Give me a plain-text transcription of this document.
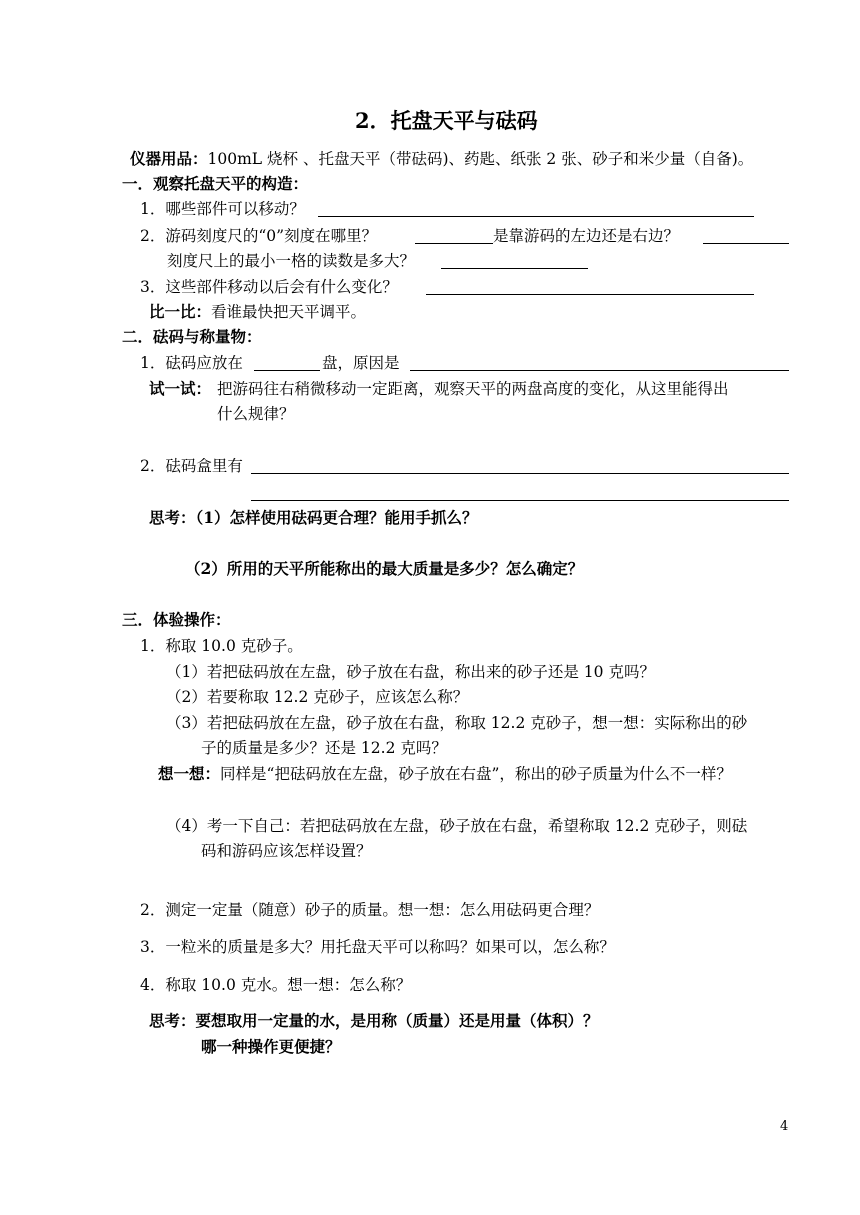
2．托盘天平与砝码
仪器用品：100mL 烧杯 、托盘天平（带砝码)、药匙、纸张 2 张、砂子和米少量（自备)。
一．观察托盘天平的构造：
1．哪些部件可以移动？
2．游码刻度尺的“0”刻度在哪里？	是靠游码的左边还是右边？
刻度尺上的最小一格的读数是多大？
3．这些部件移动以后会有什么变化？
比一比：看谁最快把天平调平。
二．砝码与称量物：
1．砝码应放在	盘，原因是
试一试： 把游码往右稍微移动一定距离，观察天平的两盘高度的变化，从这里能得出
什么规律？
2．砝码盒里有
思考：（1）怎样使用砝码更合理？能用手抓么？
（2）所用的天平所能称出的最大质量是多少？怎么确定？
三．体验操作：
1．称取 10.0 克砂子。
（1）若把砝码放在左盘，砂子放在右盘，称出来的砂子还是 10 克吗？
（2）若要称取 12.2 克砂子，应该怎么称？
（3）若把砝码放在左盘，砂子放在右盘，称取 12.2 克砂子，想一想：实际称出的砂
子的质量是多少？还是 12.2 克吗？
想一想：同样是“把砝码放在左盘，砂子放在右盘”，称出的砂子质量为什么不一样？
（4）考一下自己：若把砝码放在左盘，砂子放在右盘，希望称取 12.2 克砂子，则砝
码和游码应该怎样设置？
2．测定一定量（随意）砂子的质量。想一想：怎么用砝码更合理？
3．一粒米的质量是多大？用托盘天平可以称吗？如果可以，怎么称？
4．称取 10.0 克水。想一想：怎么称？
思考：要想取用一定量的水，是用称（质量）还是用量（体积）？
哪一种操作更便捷？
4
